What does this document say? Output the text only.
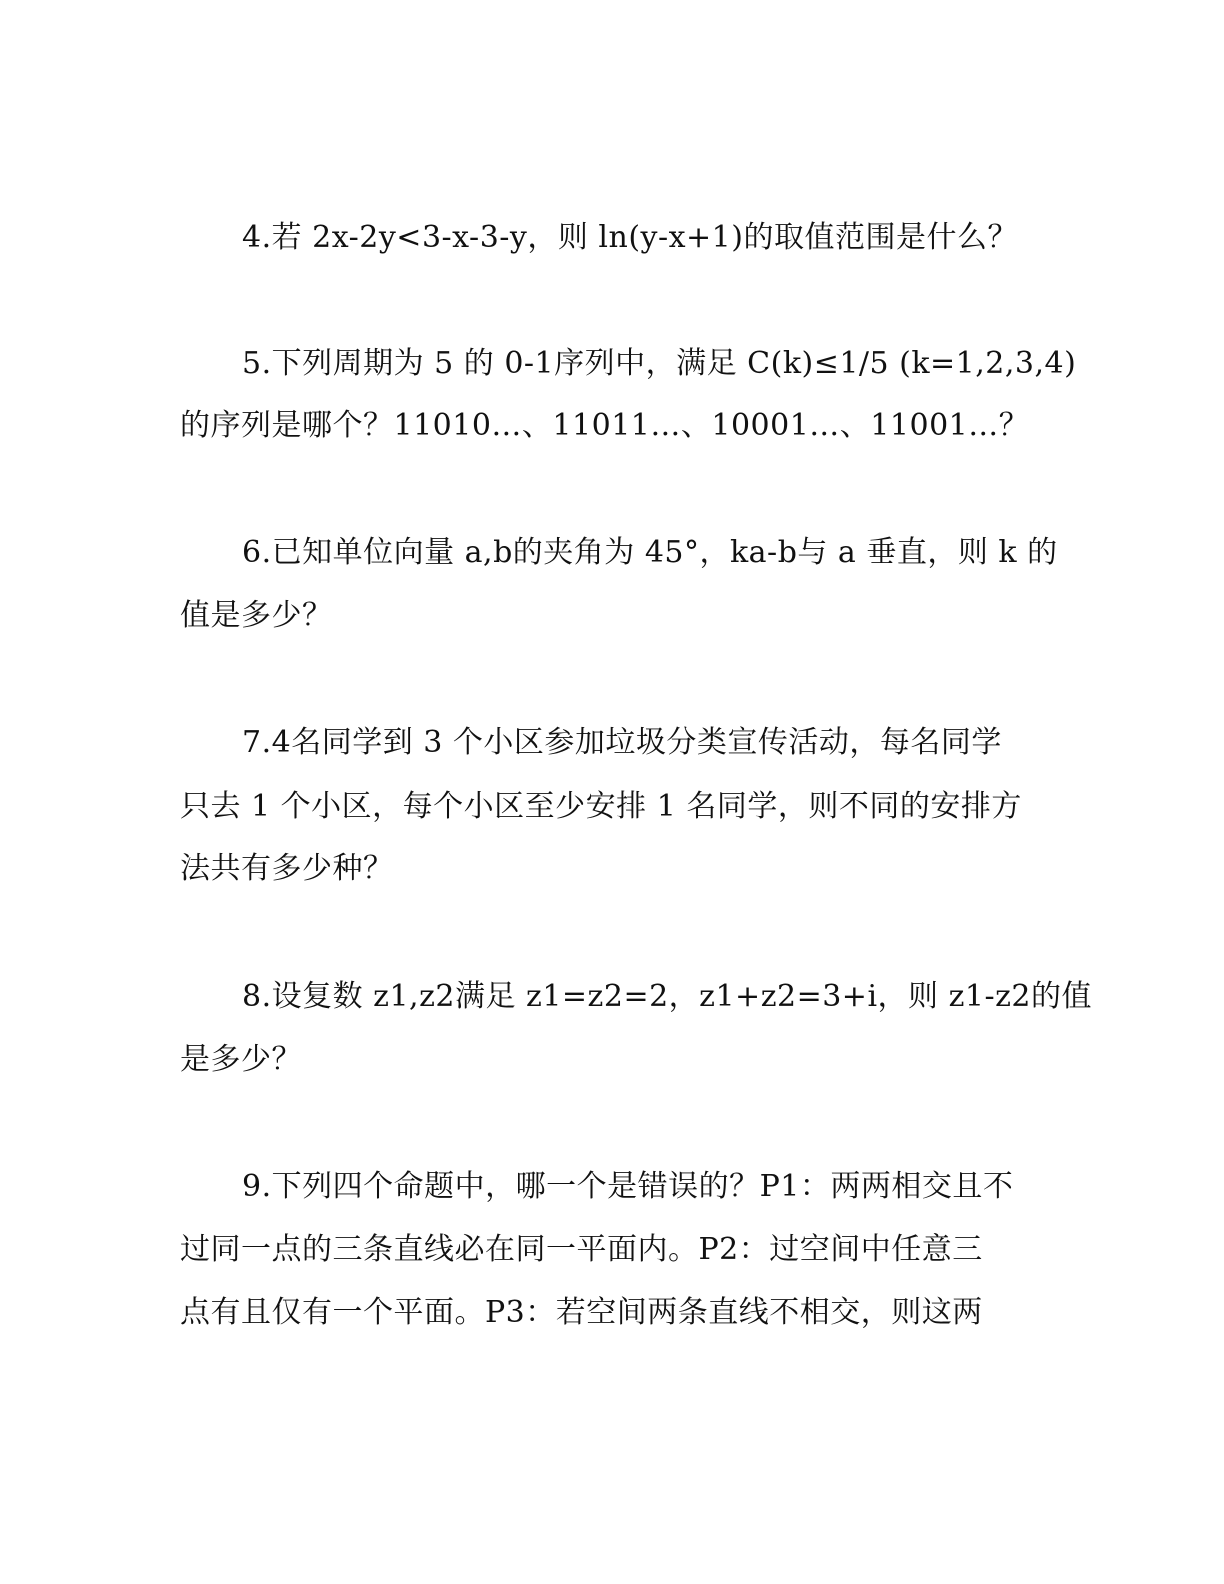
4.若 2x-2y<3-x-3-y，则 ln(y-x+1)的取值范围是什么？
5.下列周期为 5 的 0-1序列中，满足 C(k)≤1/5 (k=1,2,3,4)
的序列是哪个？11010…、11011…、10001…、11001…？
6.已知单位向量 a,b的夹角为 45°，ka-b与 a 垂直，则 k 的
值是多少？
7.4名同学到 3 个小区参加垃圾分类宣传活动，每名同学
只去 1 个小区，每个小区至少安排 1 名同学，则不同的安排方
法共有多少种？
8.设复数 z1,z2满足 z1=z2=2，z1+z2=3+i，则 z1-z2的值
是多少？
9.下列四个命题中，哪一个是错误的？P1：两两相交且不
过同一点的三条直线必在同一平面内。P2：过空间中任意三
点有且仅有一个平面。P3：若空间两条直线不相交，则这两
